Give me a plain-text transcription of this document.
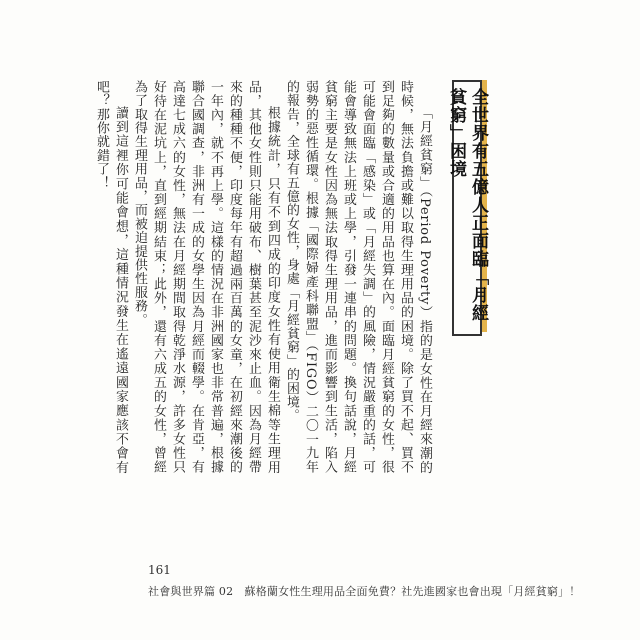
全世界有五億人正面臨「月經貧窮」困境

「月經貧窮」（Period Poverty）指的是女性在月經來潮的時候，無法負擔或難以取得生理用品的困境。除了買不起、買不到足夠的數量或合適的用品也算在內。面臨月經貧窮的女性，很可能會面臨「感染」或「月經失調」的風險，情況嚴重的話，可能會導致無法上班或上學，引發一連串的問題。換句話說，月經貧窮主要是女性因為無法取得生理用品，進而影響到生活，陷入弱勢的惡性循環。根據「國際婦產科聯盟」（FIGO）二〇一九年的報告，全球有五億的女性，身處「月經貧窮」的困境。

根據統計，只有不到四成的印度女性有使用衛生棉等生理用品，其他女性則只能用破布、樹葉甚至泥沙來止血。因為月經帶來的種種不便，印度每年有超過兩百萬的女童，在初經來潮後的一年內，就不再上學。這樣的情況在非洲國家也非常普遍，根據聯合國調查，非洲有一成的女學生因為月經而輟學。在肯亞，有高達七成六的女性，無法在月經期間取得乾淨水源，許多女性只好待在泥坑上，直到經期結束；此外，還有六成五的女性，曾經為了取得生理用品，而被迫提供性服務。

讀到這裡你可能會想，這種情況發生在遙遠國家應該不會有吧？那你就錯了！

161
社會與世界篇 02　蘇格蘭女性生理用品全面免費？社先進國家也會出現「月經貧窮」！
